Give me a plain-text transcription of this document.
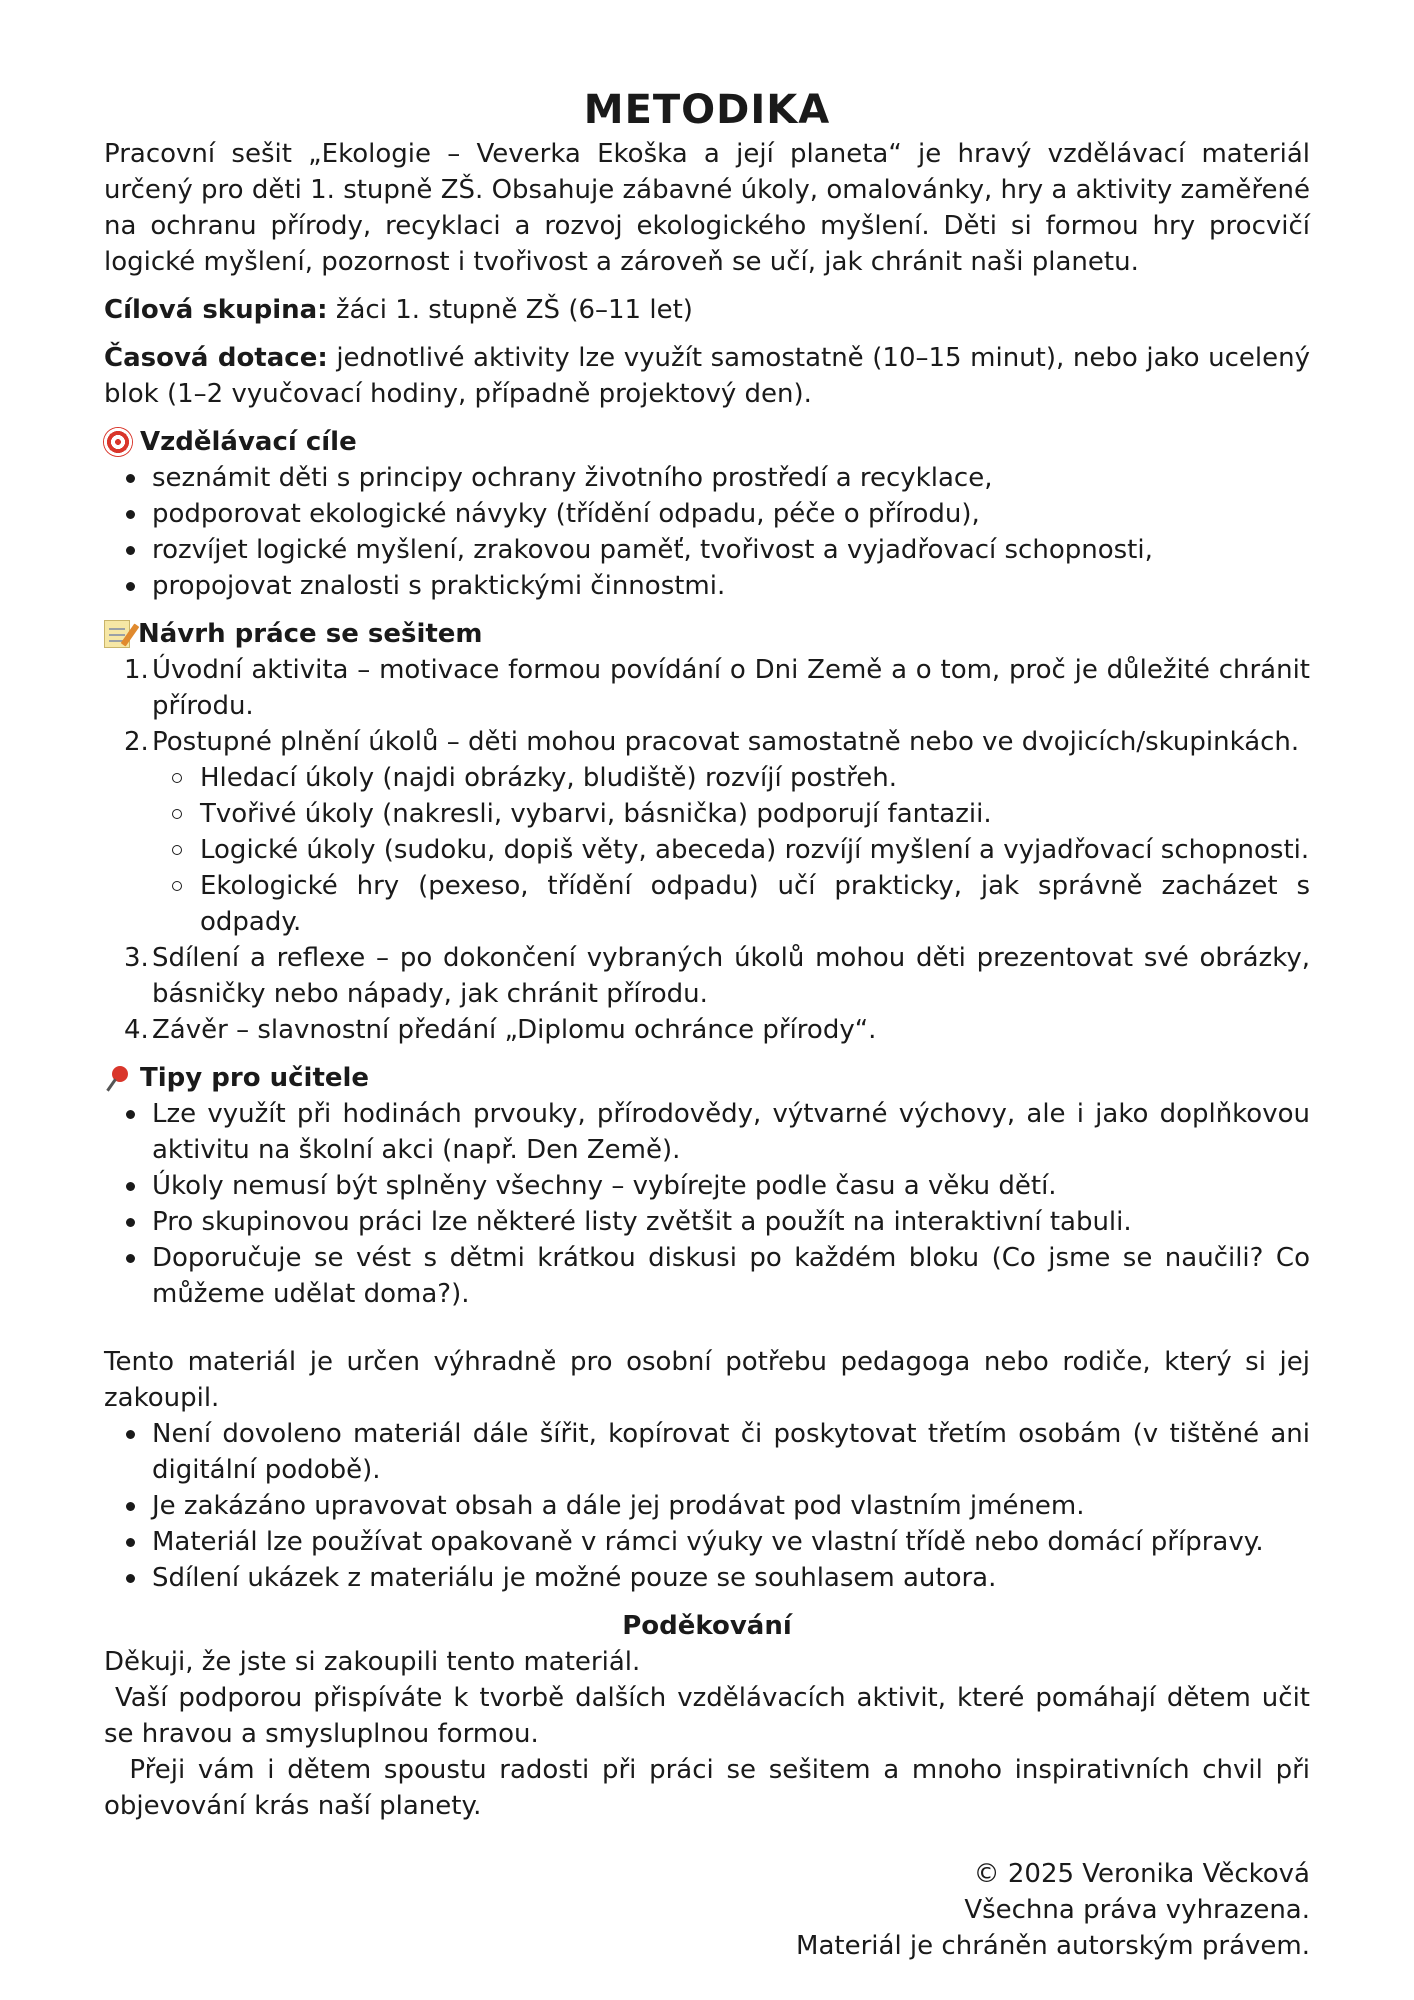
METODIKA

Pracovní sešit „Ekologie – Veverka Ekoška a její planeta“ je hravý vzdělávací materiál určený pro děti 1. stupně ZŠ. Obsahuje zábavné úkoly, omalovánky, hry a aktivity zaměřené na ochranu přírody, recyklaci a rozvoj ekologického myšlení. Děti si formou hry procvičí logické myšlení, pozornost i tvořivost a zároveň se učí, jak chránit naši planetu.

Cílová skupina: žáci 1. stupně ZŠ (6–11 let)

Časová dotace: jednotlivé aktivity lze využít samostatně (10–15 minut), nebo jako ucelený blok (1–2 vyučovací hodiny, případně projektový den).

Vzdělávací cíle
seznámit děti s principy ochrany životního prostředí a recyklace,
podporovat ekologické návyky (třídění odpadu, péče o přírodu),
rozvíjet logické myšlení, zrakovou paměť, tvořivost a vyjadřovací schopnosti,
propojovat znalosti s praktickými činnostmi.
Návrh práce se sešitem
1. Úvodní aktivita – motivace formou povídání o Dni Země a o tom, proč je důležité chránit přírodu.
2. Postupné plnění úkolů – děti mohou pracovat samostatně nebo ve dvojicích/skupinkách.
Hledací úkoly (najdi obrázky, bludiště) rozvíjí postřeh.
Tvořivé úkoly (nakresli, vybarvi, básnička) podporují fantazii.
Logické úkoly (sudoku, dopiš věty, abeceda) rozvíjí myšlení a vyjadřovací schopnosti.
Ekologické hry (pexeso, třídění odpadu) učí prakticky, jak správně zacházet s odpady.
3. Sdílení a reflexe – po dokončení vybraných úkolů mohou děti prezentovat své obrázky, básničky nebo nápady, jak chránit přírodu.
4. Závěr – slavnostní předání „Diplomu ochránce přírody“.
Tipy pro učitele
Lze využít při hodinách prvouky, přírodovědy, výtvarné výchovy, ale i jako doplňkovou aktivitu na školní akci (např. Den Země).
Úkoly nemusí být splněny všechny – vybírejte podle času a věku dětí.
Pro skupinovou práci lze některé listy zvětšit a použít na interaktivní tabuli.
Doporučuje se vést s dětmi krátkou diskusi po každém bloku (Co jsme se naučili? Co můžeme udělat doma?).

Tento materiál je určen výhradně pro osobní potřebu pedagoga nebo rodiče, který si jej zakoupil.

Není dovoleno materiál dále šířit, kopírovat či poskytovat třetím osobám (v tištěné ani digitální podobě).
Je zakázáno upravovat obsah a dále jej prodávat pod vlastním jménem.
Materiál lze používat opakovaně v rámci výuky ve vlastní třídě nebo domácí přípravy.
Sdílení ukázek z materiálu je možné pouze se souhlasem autora.
Poděkování

Děkuji, že jste si zakoupili tento materiál.

Vaší podporou přispíváte k tvorbě dalších vzdělávacích aktivit, které pomáhají dětem učit se hravou a smysluplnou formou.

Přeji vám i dětem spoustu radosti při práci se sešitem a mnoho inspirativních chvil při objevování krás naší planety.

© 2025 Veronika Věcková
Všechna práva vyhrazena.
Materiál je chráněn autorským právem.
